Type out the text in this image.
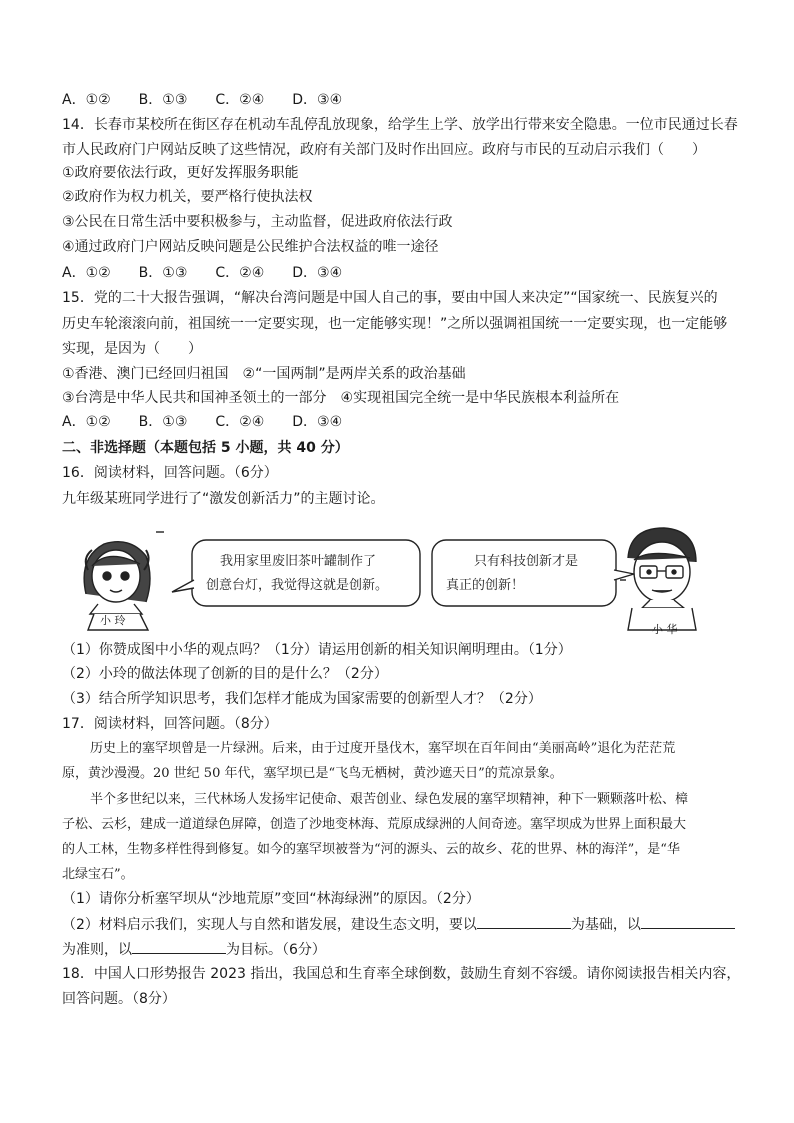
A．①②　　B．①③　　C．②④　　D．③④
14．长春市某校所在街区存在机动车乱停乱放现象，给学生上学、放学出行带来安全隐患。一位市民通过长春
市人民政府门户网站反映了这些情况，政府有关部门及时作出回应。政府与市民的互动启示我们（　　）
①政府要依法行政，更好发挥服务职能
②政府作为权力机关，要严格行使执法权
③公民在日常生活中要积极参与，主动监督，促进政府依法行政
④通过政府门户网站反映问题是公民维护合法权益的唯一途径
A．①②　　B．①③　　C．②④　　D．③④
15．党的二十大报告强调，“解决台湾问题是中国人自己的事，要由中国人来决定”“国家统一、民族复兴的
历史车轮滚滚向前，祖国统一一定要实现，也一定能够实现！”之所以强调祖国统一一定要实现，也一定能够
实现，是因为（　　）
①香港、澳门已经回归祖国　②“一国两制”是两岸关系的政治基础
③台湾是中华人民共和国神圣领土的一部分　④实现祖国完全统一是中华民族根本利益所在
A．①②　　B．①③　　C．②④　　D．③④
二、非选择题（本题包括 5 小题，共 40 分）
16．阅读材料，回答问题。（6分）
九年级某班同学进行了“激发创新活力”的主题讨论。
我用家里废旧茶叶罐制作了
创意台灯，我觉得这就是创新。
只有科技创新才是
真正的创新！
小 玲
小 华
（1）你赞成图中小华的观点吗？（1分）请运用创新的相关知识阐明理由。（1分）
（2）小玲的做法体现了创新的目的是什么？（2分）
（3）结合所学知识思考，我们怎样才能成为国家需要的创新型人才？（2分）
17．阅读材料，回答问题。（8分）
历史上的塞罕坝曾是一片绿洲。后来，由于过度开垦伐木，塞罕坝在百年间由“美丽高岭”退化为茫茫荒
原，黄沙漫漫。20 世纪 50 年代，塞罕坝已是“飞鸟无栖树，黄沙遮天日”的荒凉景象。
半个多世纪以来，三代林场人发扬牢记使命、艰苦创业、绿色发展的塞罕坝精神，种下一颗颗落叶松、樟
子松、云杉，建成一道道绿色屏障，创造了沙地变林海、荒原成绿洲的人间奇迹。塞罕坝成为世界上面积最大
的人工林，生物多样性得到修复。如今的塞罕坝被誉为“河的源头、云的故乡、花的世界、林的海洋”，是“华
北绿宝石”。
（1）请你分析塞罕坝从“沙地荒原”变回“林海绿洲”的原因。（2分）
（2）材料启示我们，实现人与自然和谐发展，建设生态文明，要以	为基础，以
为准则，以	为目标。（6分）
18．中国人口形势报告 2023 指出，我国总和生育率全球倒数，鼓励生育刻不容缓。请你阅读报告相关内容，
回答问题。（8分）
